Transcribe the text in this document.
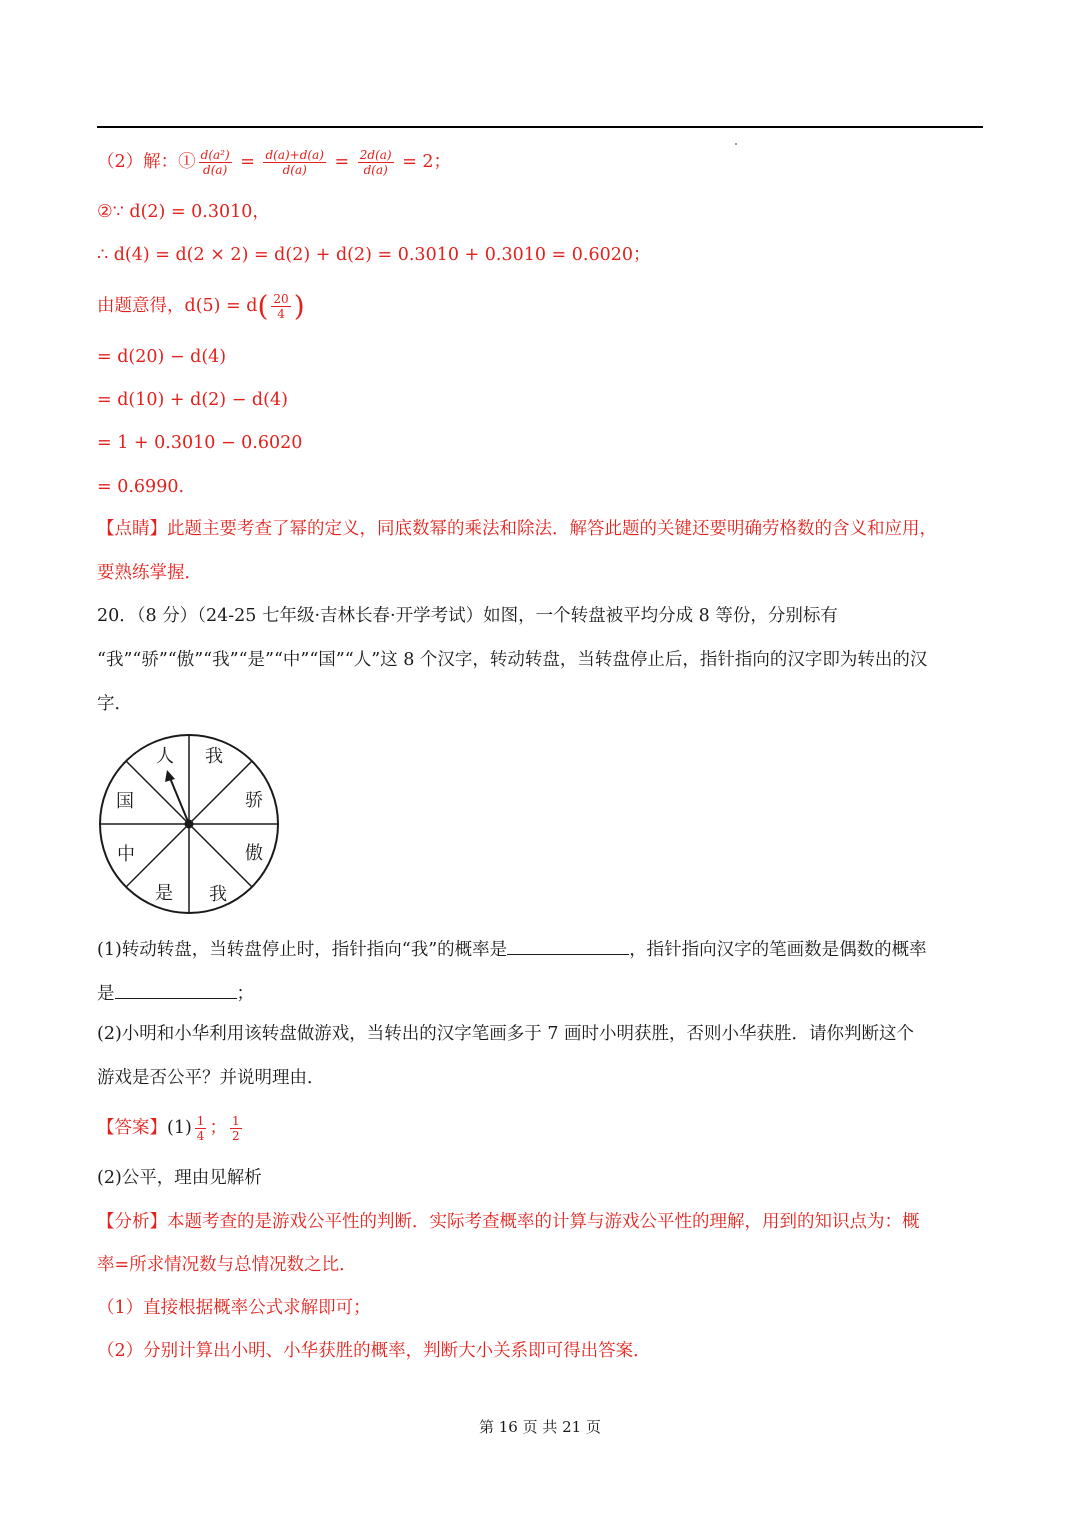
（2）解：① $\frac{\text{d(a²)}}{d(a)} = \frac{d(a)+d(a)}{d(a)} = \frac{2d(a)}{d(a)} = 2$；
②∵ d(2) = 0.3010，
∴ d(4) = d(2 × 2) = d(2) + d(2) = 0.3010 + 0.3010 = 0.6020；
由题意得，$d(5) = d( \frac{20}{4}$ )
= d(20) − d(4)
= d(10) + d(2) − d(4)
= 1 + 0.3010 − 0.6020
= 0.6990.
【点睛】此题主要考查了幂的定义，同底数幂的乘法和除法．解答此题的关键还要明确劳格数的含义和应用，
要熟练掌握．
20．（8 分）（24-25 七年级·吉林长春·开学考试）如图，一个转盘被平均分成 8 等份，分别标有
“我”“骄”“傲”“我”“是”“中”“国”“人”这 8 个汉字，转动转盘，当转盘停止后，指针指向的汉字即为转出的汉
字．
人 我
骄
傲
我
是
中
国
(1)转动转盘，当转盘停止时，指针指向“我”的概率是	，指针指向汉字的笔画数是偶数的概率
是	；
(2)小明和小华利用该转盘做游戏，当转出的汉字笔画多于 7 画时小明获胜，否则小华获胜．请你判断这个
游戏是否公平？并说明理由．
【答案】$(1) \frac{1}{4}$ ； $\frac{1}{2}$
(2)公平，理由见解析
【分析】本题考查的是游戏公平性的判断．实际考查概率的计算与游戏公平性的理解，用到的知识点为：概
率=所求情况数与总情况数之比．
（1）直接根据概率公式求解即可；
（2）分别计算出小明、小华获胜的概率，判断大小关系即可得出答案．
第 16 页 共 21 页
